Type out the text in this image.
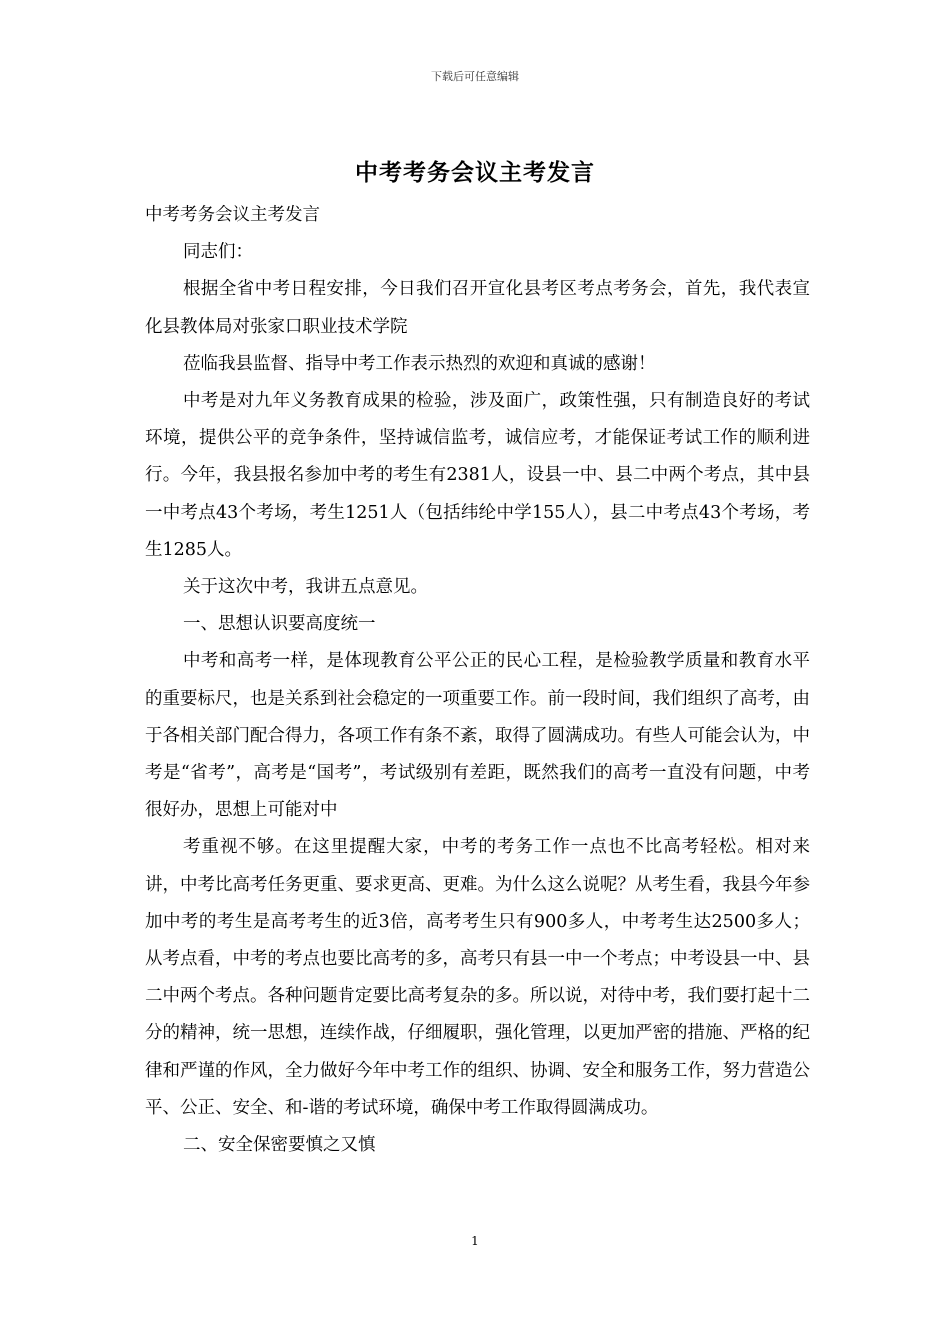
下载后可任意编辑
中考考务会议主考发言

中考考务会议主考发言

同志们：

根据全省中考日程安排，今日我们召开宣化县考区考点考务会，首先，我代表宣化县教体局对张家口职业技术学院

莅临我县监督、指导中考工作表示热烈的欢迎和真诚的感谢！

中考是对九年义务教育成果的检验，涉及面广，政策性强，只有制造良好的考试环境，提供公平的竞争条件，坚持诚信监考，诚信应考，才能保证考试工作的顺利进行。今年，我县报名参加中考的考生有2381人，设县一中、县二中两个考点，其中县一中考点43个考场，考生1251人（包括纬纶中学155人），县二中考点43个考场，考生1285人。

关于这次中考，我讲五点意见。

一、思想认识要高度统一

中考和高考一样，是体现教育公平公正的民心工程，是检验教学质量和教育水平的重要标尺，也是关系到社会稳定的一项重要工作。前一段时间，我们组织了高考，由于各相关部门配合得力，各项工作有条不紊，取得了圆满成功。有些人可能会认为，中考是“省考”，高考是“国考”，考试级别有差距，既然我们的高考一直没有问题，中考很好办，思想上可能对中

考重视不够。在这里提醒大家，中考的考务工作一点也不比高考轻松。相对来讲，中考比高考任务更重、要求更高、更难。为什么这么说呢？从考生看，我县今年参加中考的考生是高考考生的近3倍，高考考生只有900多人，中考考生达2500多人；从考点看，中考的考点也要比高考的多，高考只有县一中一个考点；中考设县一中、县二中两个考点。各种问题肯定要比高考复杂的多。所以说，对待中考，我们要打起十二分的精神，统一思想，连续作战，仔细履职，强化管理，以更加严密的措施、严格的纪律和严谨的作风，全力做好今年中考工作的组织、协调、安全和服务工作，努力营造公平、公正、安全、和-谐的考试环境，确保中考工作取得圆满成功。

二、安全保密要慎之又慎

1
